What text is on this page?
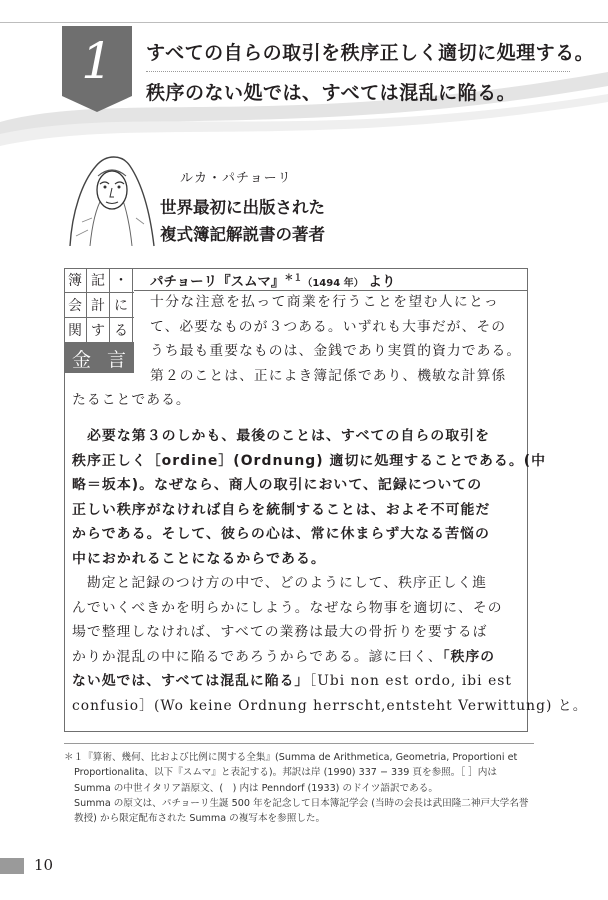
1	すべての自らの取引を秩序正しく適切に処理する。
秩序のない処では、すべては混乱に陥る。
ルカ・パチョーリ
世界最初に出版された
複式簿記解説書の著者
簿 記 ・
会 計 に
関 す る
金 言
パチョーリ『スムマ』$^{*1}$（1494 年） より
十分な注意を払って商業を行うことを望む人にとっ
て、必要なものが３つある。いずれも大事だが、その
うち最も重要なものは、金銭であり実質的資力である。
第２のことは、正によき簿記係であり、機敏な計算係
たることである。
　必要な第３のしかも、最後のことは、すべての自らの取引を
秩序正しく［ordine］(Ordnung) 適切に処理することである。(中
略＝坂本)。なぜなら、商人の取引において、記録についての
正しい秩序がなければ自らを統制することは、およそ不可能だ
からである。そして、彼らの心は、常に休まらず大なる苦悩の
中におかれることになるからである。
　勘定と記録のつけ方の中で、どのようにして、秩序正しく進
んでいくべきかを明らかにしよう。なぜなら物事を適切に、その
場で整理しなければ、すべての業務は最大の骨折りを要するば
かりか混乱の中に陥るであろうからである。諺に曰く、「秩序の
ない処では、すべては混乱に陥る」［Ubi non est ordo, ibi est
confusio］(Wo keine Ordnung herrscht,entsteht Verwittung) と。
＊１『算術、幾何、比および比例に関する全集』(Summa de Arithmetica, Geometria, Proportioni et
Proportionalita、以下『スムマ』と表記する)。邦訳は岸 (1990) 337 − 339 頁を参照。［ ］内は
Summa の中世イタリア語原文、(　) 内は Penndorf (1933) のドイツ語訳である。
Summa の原文は、パチョーリ生誕 500 年を記念して日本簿記学会 (当時の会長は武田隆二神戸大学名誉
教授) から限定配布された Summa の複写本を参照した。
10
